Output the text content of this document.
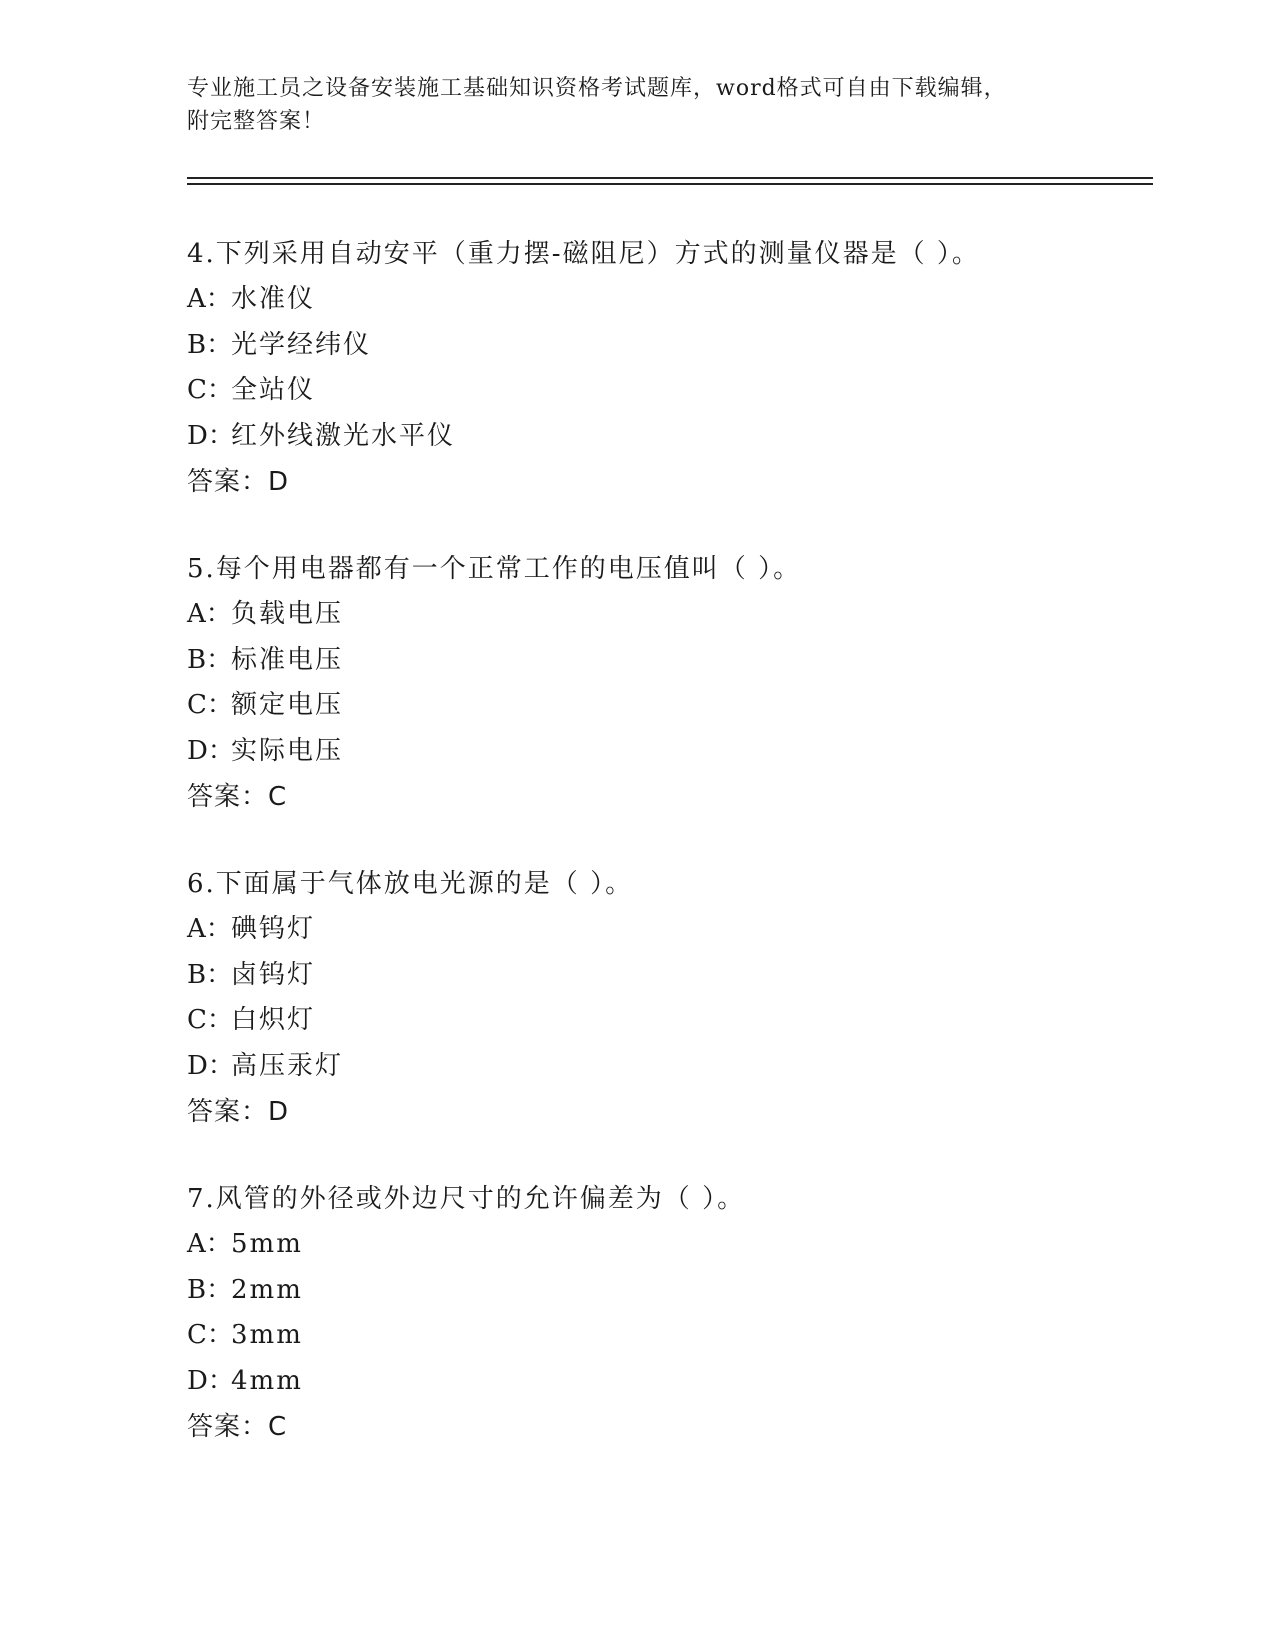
专业施工员之设备安装施工基础知识资格考试题库，word格式可自由下载编辑，
附完整答案！
4.下列采用自动安平（重力摆-磁阻尼）方式的测量仪器是（ ）。
A：水准仪
B：光学经纬仪
C：全站仪
D：红外线激光水平仪
答案：D
5.每个用电器都有一个正常工作的电压值叫（ ）。
A：负载电压
B：标准电压
C：额定电压
D：实际电压
答案：C
6.下面属于气体放电光源的是（ ）。
A：碘钨灯
B：卤钨灯
C：白炽灯
D：高压汞灯
答案：D
7.风管的外径或外边尺寸的允许偏差为（ ）。
A：5mm
B：2mm
C：3mm
D：4mm
答案：C
